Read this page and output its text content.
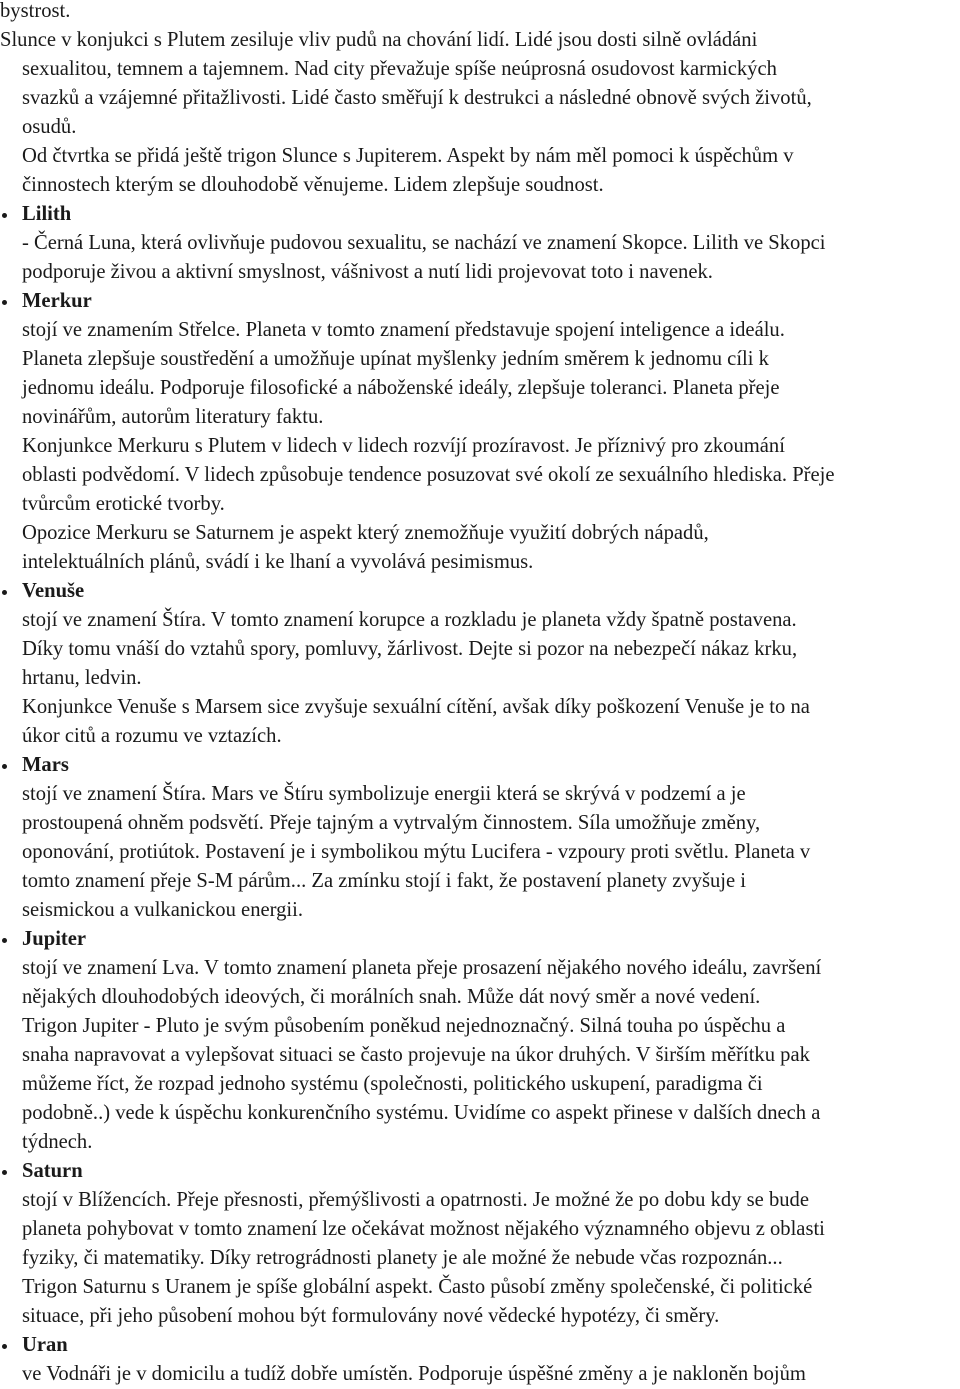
bystrost.

Slunce v konjukci s Plutem zesiluje vliv pudů na chování lidí. Lidé jsou dosti silně ovládáni

sexualitou, temnem a tajemnem. Nad city převažuje spíše neúprosná osudovost karmických

svazků a vzájemné přitažlivosti. Lidé často směřují k destrukci a následné obnově svých životů,

osudů.

Od čtvrtka se přidá ještě trigon Slunce s Jupiterem. Aspekt by nám měl pomoci k úspěchům v

činnostech kterým se dlouhodobě věnujeme. Lidem zlepšuje soudnost.

Lilith

- Černá Luna, která ovlivňuje pudovou sexualitu, se nachází ve znamení Skopce. Lilith ve Skopci

podporuje živou a aktivní smyslnost, vášnivost a nutí lidi projevovat toto i navenek.

Merkur

stojí ve znamením Střelce. Planeta v tomto znamení představuje spojení inteligence a ideálu.

Planeta zlepšuje soustředění a umožňuje upínat myšlenky jedním směrem k jednomu cíli k

jednomu ideálu. Podporuje filosofické a náboženské ideály, zlepšuje toleranci. Planeta přeje

novinářům, autorům literatury faktu.

Konjunkce Merkuru s Plutem v lidech v lidech rozvíjí prozíravost. Je příznivý pro zkoumání

oblasti podvědomí. V lidech způsobuje tendence posuzovat své okolí ze sexuálního hlediska. Přeje

tvůrcům erotické tvorby.

Opozice Merkuru se Saturnem je aspekt který znemožňuje využití dobrých nápadů,

intelektuálních plánů, svádí i ke lhaní a vyvolává pesimismus.

Venuše

stojí ve znamení Štíra. V tomto znamení korupce a rozkladu je planeta vždy špatně postavena.

Díky tomu vnáší do vztahů spory, pomluvy, žárlivost. Dejte si pozor na nebezpečí nákaz krku,

hrtanu, ledvin.

Konjunkce Venuše s Marsem sice zvyšuje sexuální cítění, avšak díky poškození Venuše je to na

úkor citů a rozumu ve vztazích.

Mars

stojí ve znamení Štíra. Mars ve Štíru symbolizuje energii která se skrývá v podzemí a je

prostoupená ohněm podsvětí. Přeje tajným a vytrvalým činnostem. Síla umožňuje změny,

oponování, protiútok. Postavení je i symbolikou mýtu Lucifera - vzpoury proti světlu. Planeta v

tomto znamení přeje S-M párům... Za zmínku stojí i fakt, že postavení planety zvyšuje i

seismickou a vulkanickou energii.

Jupiter

stojí ve znamení Lva. V tomto znamení planeta přeje prosazení nějakého nového ideálu, završení

nějakých dlouhodobých ideových, či morálních snah. Může dát nový směr a nové vedení.

Trigon Jupiter - Pluto je svým působením poněkud nejednoznačný. Silná touha po úspěchu a

snaha napravovat a vylepšovat situaci se často projevuje na úkor druhých. V širším měřítku pak

můžeme říct, že rozpad jednoho systému (společnosti, politického uskupení, paradigma či

podobně..) vede k úspěchu konkurenčního systému. Uvidíme co aspekt přinese v dalších dnech a

týdnech.

Saturn

stojí v Blížencích. Přeje přesnosti, přemýšlivosti a opatrnosti. Je možné že po dobu kdy se bude

planeta pohybovat v tomto znamení lze očekávat možnost nějakého významného objevu z oblasti

fyziky, či matematiky. Díky retrográdnosti planety je ale možné že nebude včas rozpoznán...

Trigon Saturnu s Uranem je spíše globální aspekt. Často působí změny společenské, či politické

situace, při jeho působení mohou být formulovány nové vědecké hypotézy, či směry.

Uran

ve Vodnáři je v domicilu a tudíž dobře umístěn. Podporuje úspěšné změny a je nakloněn bojům
